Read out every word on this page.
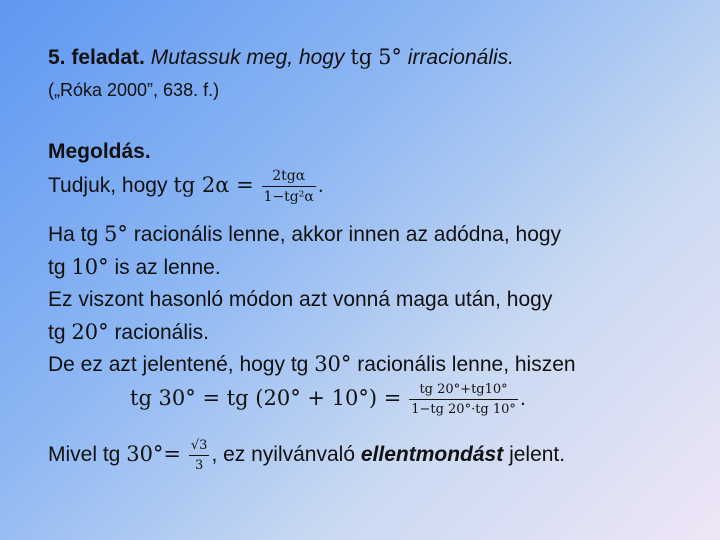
5. feladat. Mutassuk meg, hogy tg 5° irracionális.
(„Róka 2000”, 638. f.)
Megoldás.
Tudjuk, hogy tg $2\alpha = \frac{\text{2tgα}}{\text{1−tg²α}}$ .
Ha tg 5° racionális lenne, akkor innen az adódna, hogy
tg 10° is az lenne.
Ez viszont hasonló módon azt vonná maga után, hogy
tg 20° racionális.
De ez azt jelentené, hogy tg 30° racionális lenne, hiszen
tg 30° = tg $(20^\circ + 10^\circ) = \frac{tg 20^\circ+tg10^\circ}{1-tg 20^\circ\cdot tg 10^\circ}$ .
Mivel tg $30^\circ= \frac{√3}{3}$ , ez nyilvánvaló ellentmondást jelent.
